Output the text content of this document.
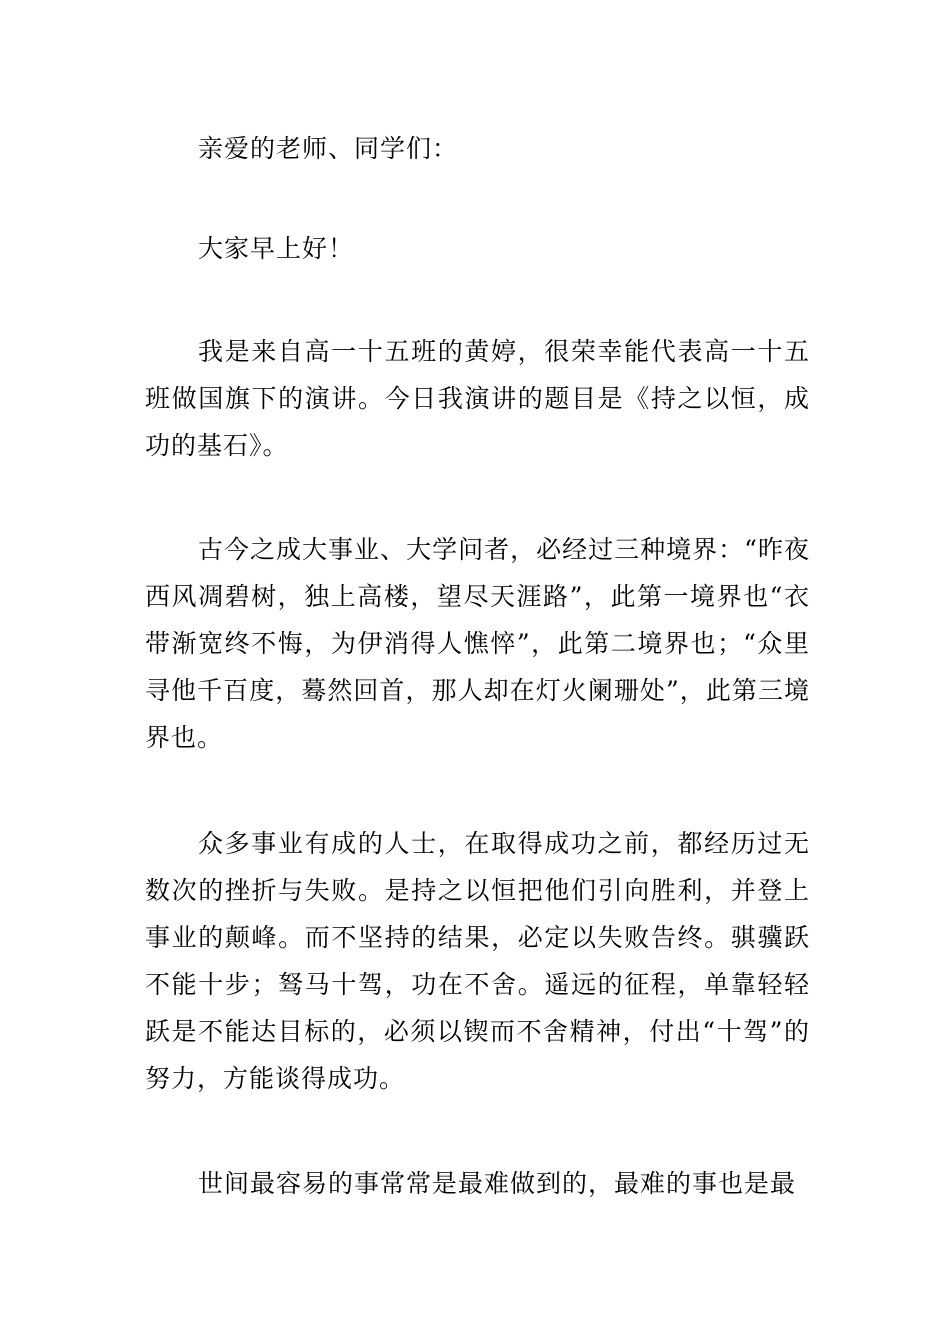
亲爱的老师、同学们：

大家早上好！

我是来自高一十五班的黄婷，很荣幸能代表高一十五班做国旗下的演讲。今日我演讲的题目是《持之以恒，成功的基石》。

古今之成大事业、大学问者，必经过三种境界：“昨夜西风凋碧树，独上高楼，望尽天涯路”，此第一境界也“衣带渐宽终不悔，为伊消得人憔悴”，此第二境界也；“众里寻他千百度，蓦然回首，那人却在灯火阑珊处”，此第三境界也。

众多事业有成的人士，在取得成功之前，都经历过无数次的挫折与失败。是持之以恒把他们引向胜利，并登上事业的颠峰。而不坚持的结果，必定以失败告终。骐骥跃不能十步；驽马十驾，功在不舍。遥远的征程，单靠轻轻跃是不能达目标的，必须以锲而不舍精神，付出“十驾”的努力，方能谈得成功。

世间最容易的事常常是最难做到的，最难的事也是最
